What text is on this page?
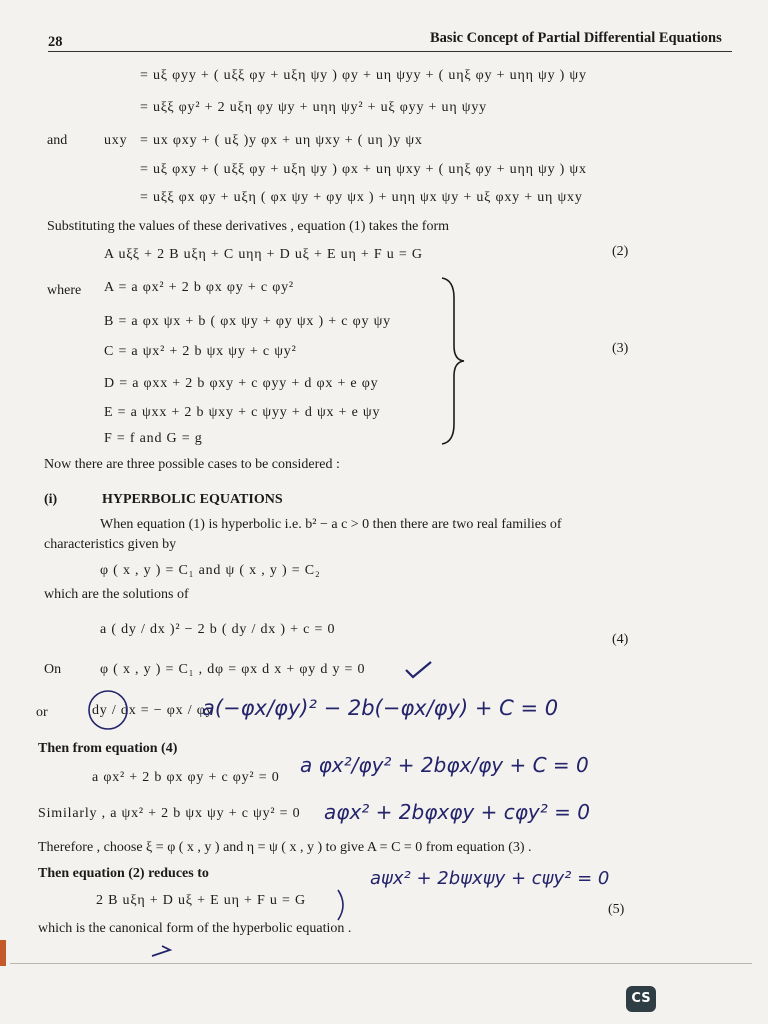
28	Basic Concept of Partial Differential Equations
= uξ φyy + ( uξξ φy + uξη ψy ) φy + uη ψyy + ( uηξ φy + uηη ψy ) ψy
= uξξ φy² + 2 uξη φy ψy + uηη ψy² + uξ φyy + uη ψyy
and	uxy = ux φxy + ( uξ )y φx + uη ψxy + ( uη )y ψx
= uξ φxy + ( uξξ φy + uξη ψy ) φx + uη ψxy + ( uηξ φy + uηη ψy ) ψx
= uξξ φx φy + uξη ( φx ψy + φy ψx ) + uηη ψx ψy + uξ φxy + uη ψxy
Substituting the values of these derivatives , equation (1) takes the form
A uξξ + 2 B uξη + C uηη + D uξ + E uη + F u = G	(2)
where A = a φx² + 2 b φx φy + c φy²
B = a φx ψx + b ( φx ψy + φy ψx ) + c φy ψy
C = a ψx² + 2 b ψx ψy + c ψy²
D = a φxx + 2 b φxy + c φyy + d φx + e φy
E = a ψxx + 2 b ψxy + c ψyy + d ψx + e ψy
F = f and G = g
(3)
Now there are three possible cases to be considered :
(i)	HYPERBOLIC EQUATIONS
When equation (1) is hyperbolic i.e. b² − a c > 0 then there are two real families of
characteristics given by
φ ( x , y ) = C₁ and ψ ( x , y ) = C₂
which are the solutions of
a ( dy / dx )² − 2 b ( dy / dx ) + c = 0
(4)
On	φ ( x , y ) = C₁ , dφ = φx d x + φy d y = 0
or	dy / dx = − φx / φy
a(−φx/φy)² − 2b(−φx/φy) + C = 0
Then from equation (4)
a φx² + 2 b φx φy + c φy² = 0
a φx²/φy² + 2bφx/φy + C = 0
Similarly , a ψx² + 2 b ψx ψy + c ψy² = 0 aφx² + 2bφxφy + cφy² = 0
Therefore , choose ξ = φ ( x , y ) and η = ψ ( x , y ) to give A = C = 0 from equation (3) .
Then equation (2) reduces to	aψx² + 2bψxψy + cψy² = 0
2 B uξη + D uξ + E uη + F u = G
(5)
which is the canonical form of the hyperbolic equation .
CS
